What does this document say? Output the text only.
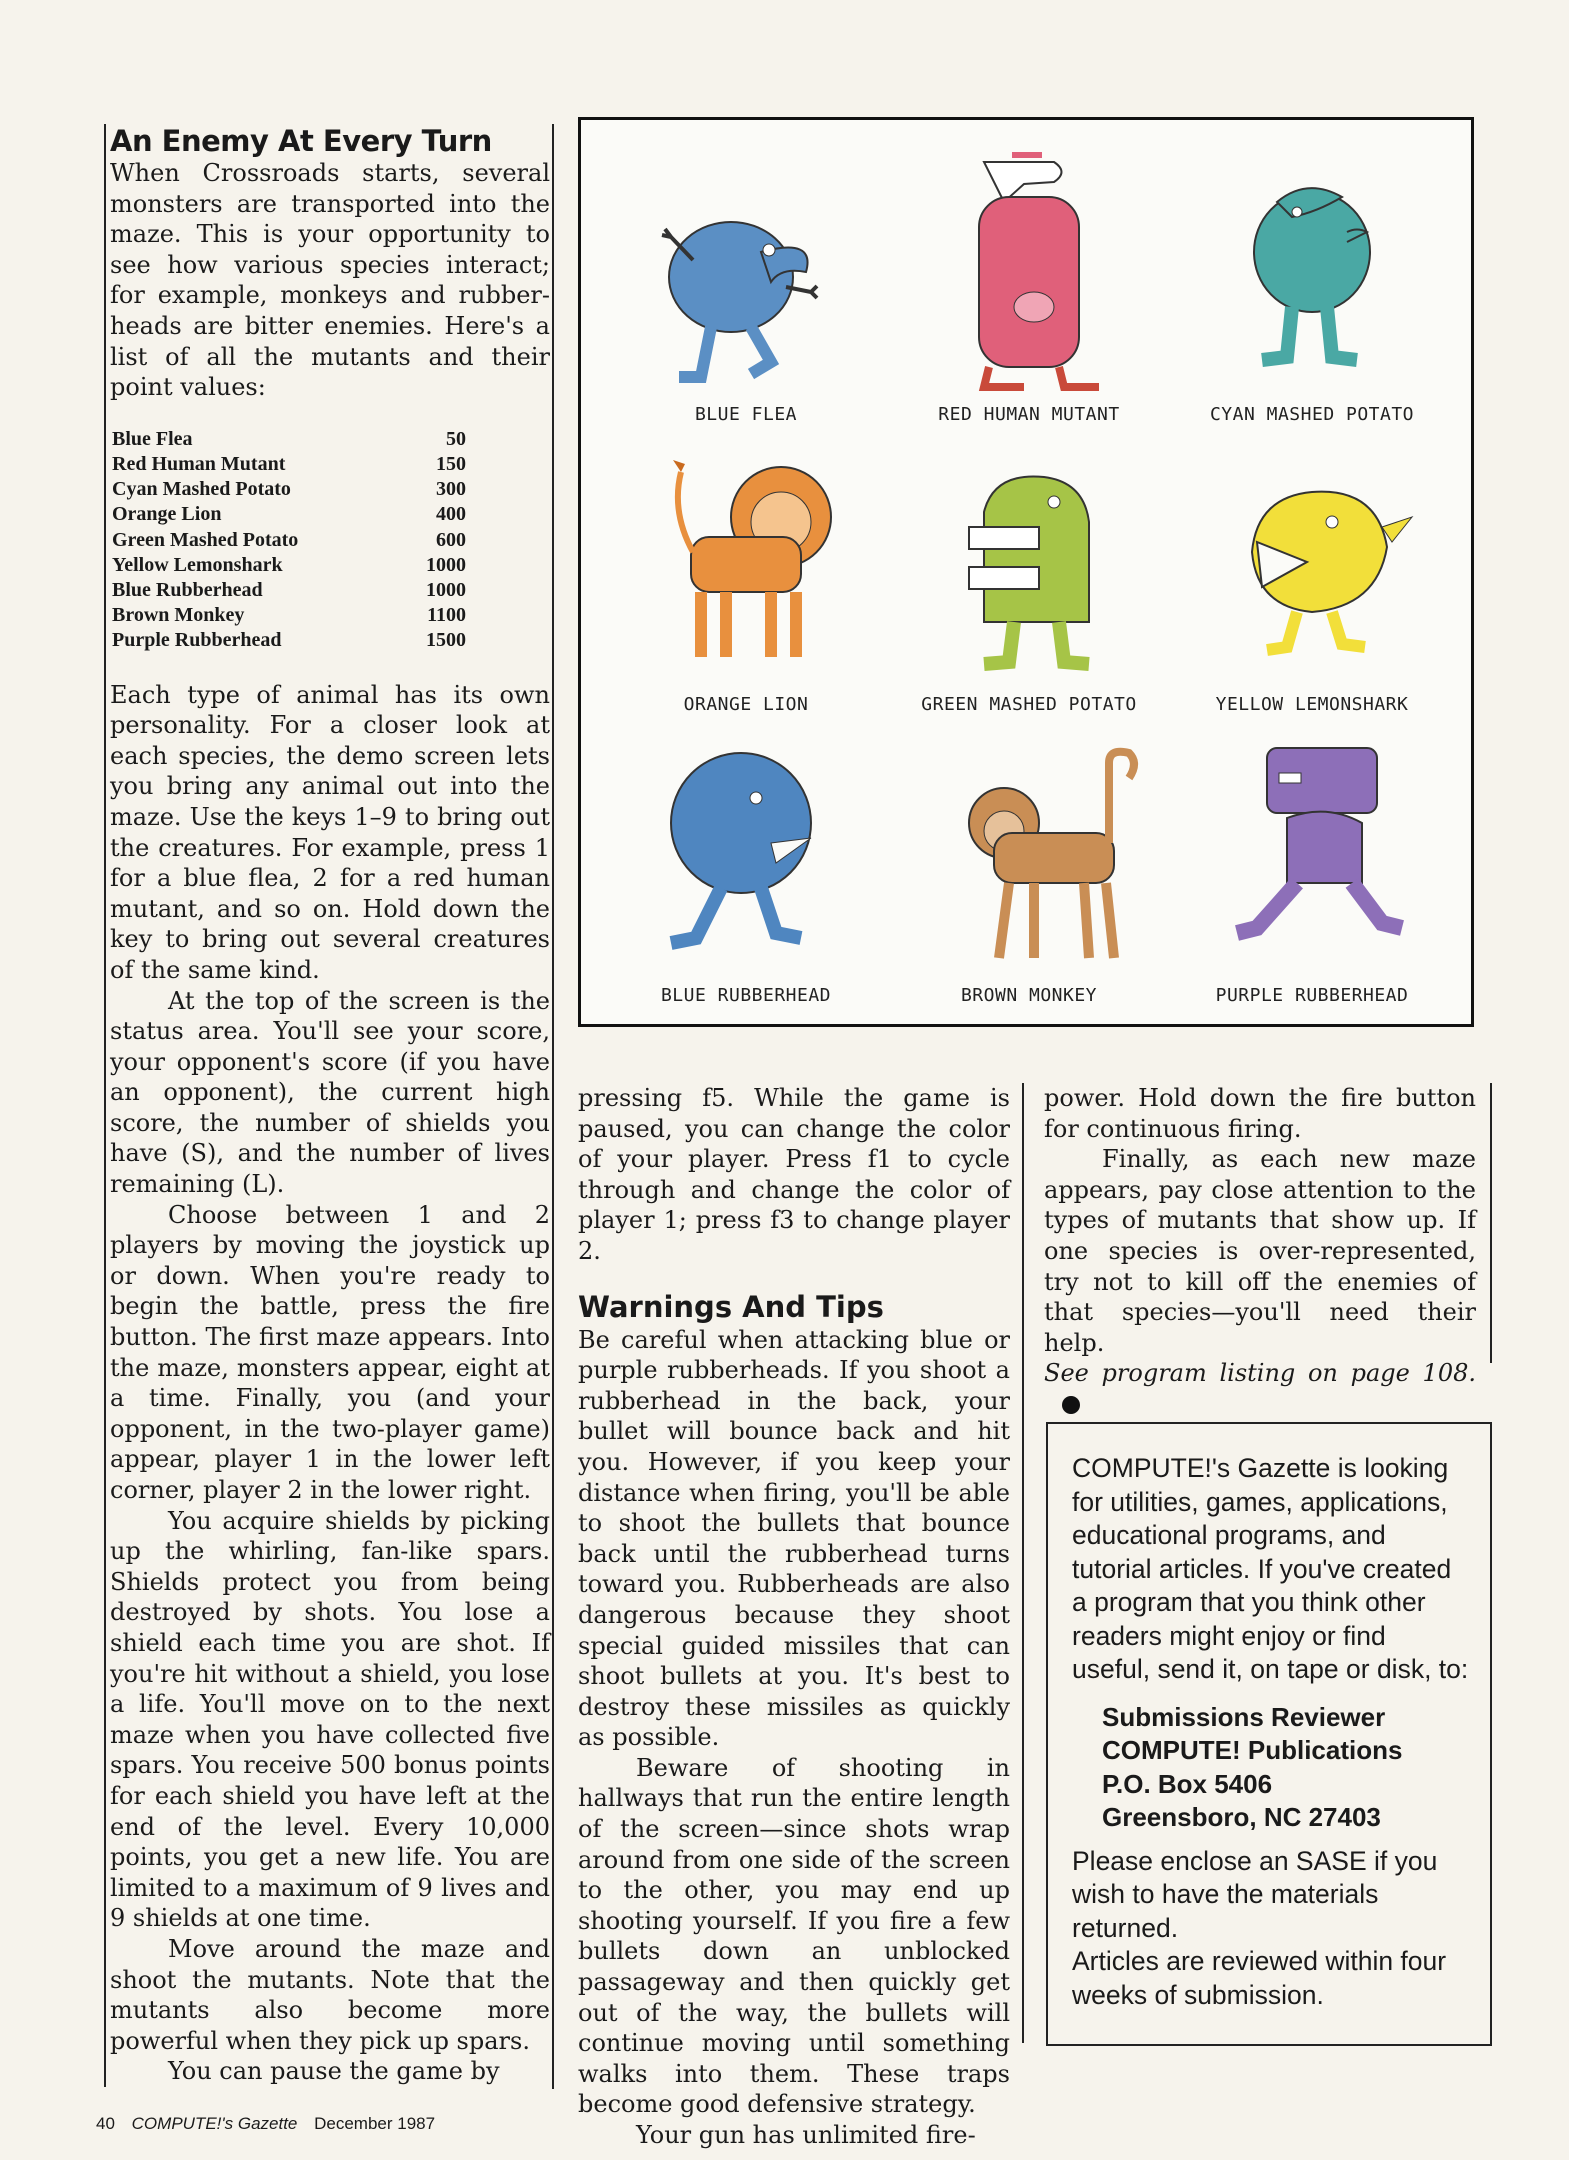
An Enemy At Every Turn

When Crossroads starts, several monsters are transported into the maze. This is your opportunity to see how various species interact; for example, monkeys and rubber-heads are bitter enemies. Here's a list of all the mutants and their point values:

Blue Flea	50
Red Human Mutant	150
Cyan Mashed Potato	300
Orange Lion	400
Green Mashed Potato	600
Yellow Lemonshark	1000
Blue Rubberhead	1000
Brown Monkey	1100
Purple Rubberhead	1500

Each type of animal has its own personality. For a closer look at each species, the demo screen lets you bring any animal out into the maze. Use the keys 1–9 to bring out the creatures. For example, press 1 for a blue flea, 2 for a red human mutant, and so on. Hold down the key to bring out several creatures of the same kind.

At the top of the screen is the status area. You'll see your score, your opponent's score (if you have an opponent), the current high score, the number of shields you have (S), and the number of lives remaining (L).

Choose between 1 and 2 players by moving the joystick up or down. When you're ready to begin the battle, press the fire button. The first maze appears. Into the maze, monsters appear, eight at a time. Finally, you (and your opponent, in the two-player game) appear, player 1 in the lower left corner, player 2 in the lower right.

You acquire shields by picking up the whirling, fan-like spars. Shields protect you from being destroyed by shots. You lose a shield each time you are shot. If you're hit without a shield, you lose a life. You'll move on to the next maze when you have collected five spars. You receive 500 bonus points for each shield you have left at the end of the level. Every 10,000 points, you get a new life. You are limited to a maximum of 9 lives and 9 shields at one time.

Move around the maze and shoot the mutants. Note that the mutants also become more powerful when they pick up spars.

You can pause the game by

BLUE FLEA	RED HUMAN MUTANT	CYAN MASHED POTATO
ORANGE LION	GREEN MASHED POTATO	YELLOW LEMONSHARK
BLUE RUBBERHEAD	BROWN MONKEY	PURPLE RUBBERHEAD

pressing f5. While the game is paused, you can change the color of your player. Press f1 to cycle through and change the color of player 1; press f3 to change player 2.

Warnings And Tips

Be careful when attacking blue or purple rubberheads. If you shoot a rubberhead in the back, your bullet will bounce back and hit you. However, if you keep your distance when firing, you'll be able to shoot the bullets that bounce back until the rubberhead turns toward you. Rubberheads are also dangerous because they shoot special guided missiles that can shoot bullets at you. It's best to destroy these missiles as quickly as possible.

Beware of shooting in hallways that run the entire length of the screen—since shots wrap around from one side of the screen to the other, you may end up shooting yourself. If you fire a few bullets down an unblocked passageway and then quickly get out of the way, the bullets will continue moving until something walks into them. These traps become good defensive strategy.

Your gun has unlimited fire-

power. Hold down the fire button for continuous firing.

Finally, as each new maze appears, pay close attention to the types of mutants that show up. If one species is over-represented, try not to kill off the enemies of that species—you'll need their help.

See program listing on page 108.

COMPUTE!'s Gazette is looking for utilities, games, applications, educational programs, and tutorial articles. If you've created a program that you think other readers might enjoy or find useful, send it, on tape or disk, to:

Submissions Reviewer
COMPUTE! Publications
P.O. Box 5406
Greensboro, NC 27403

Please enclose an SASE if you wish to have the materials returned.

Articles are reviewed within four weeks of submission.

40 COMPUTE!'s Gazette December 1987
